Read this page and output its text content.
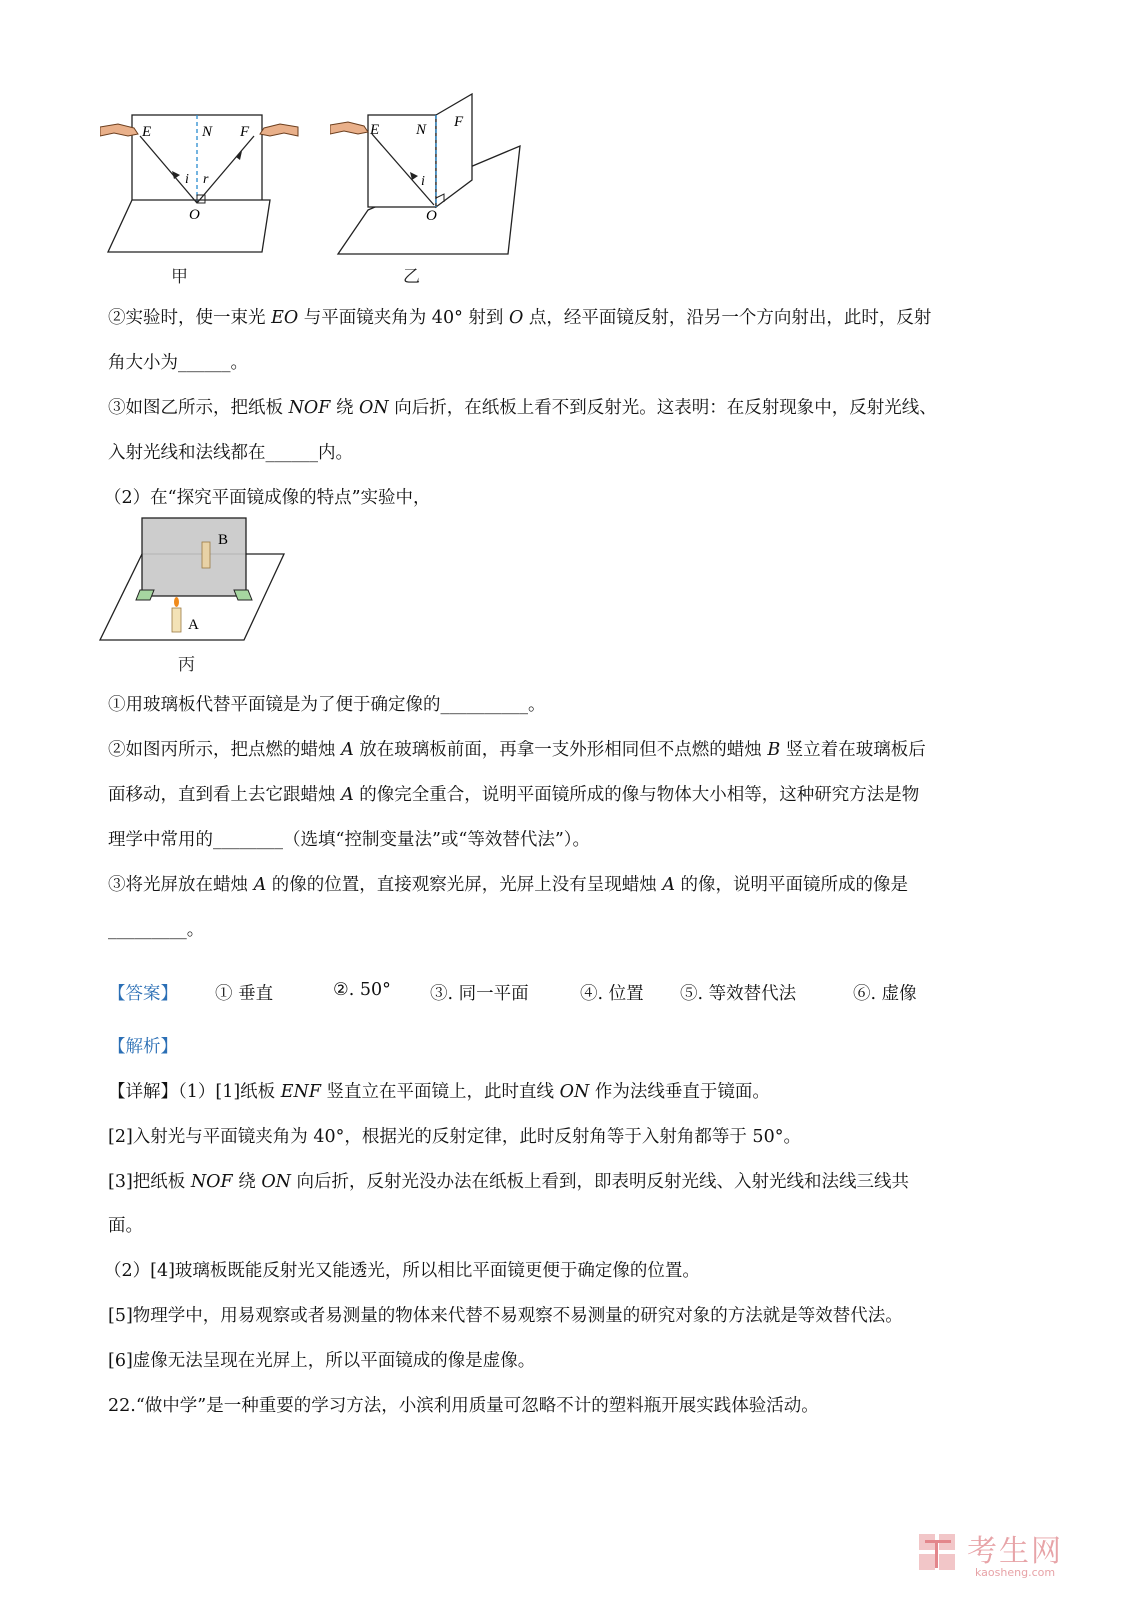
E	N F
i r
O
甲
E N F
i
O
乙
②实验时，使一束光 EO 与平面镜夹角为 40° 射到 O 点，经平面镜反射，沿另一个方向射出，此时，反射
角大小为______。
③如图乙所示，把纸板 NOF 绕 ON 向后折，在纸板上看不到反射光。这表明：在反射现象中，反射光线、
入射光线和法线都在______内。
（2）在“探究平面镜成像的特点”实验中，
B
A
丙
①用玻璃板代替平面镜是为了便于确定像的__________。
②如图丙所示，把点燃的蜡烛 A 放在玻璃板前面，再拿一支外形相同但不点燃的蜡烛 B 竖立着在玻璃板后
面移动，直到看上去它跟蜡烛 A 的像完全重合，说明平面镜所成的像与物体大小相等，这种研究方法是物
理学中常用的________（选填“控制变量法”或“等效替代法”）。
③将光屏放在蜡烛 A 的像的位置，直接观察光屏，光屏上没有呈现蜡烛 A 的像，说明平面镜所成的像是
_________。
【答案】 ① 垂直	②. 50° ③. 同一平面	④. 位置 ⑤. 等效替代法	⑥. 虚像
【解析】
【详解】（1）[1]纸板 ENF 竖直立在平面镜上，此时直线 ON 作为法线垂直于镜面。
[2]入射光与平面镜夹角为 40°，根据光的反射定律，此时反射角等于入射角都等于 50°。
[3]把纸板 NOF 绕 ON 向后折，反射光没办法在纸板上看到，即表明反射光线、入射光线和法线三线共
面。
（2）[4]玻璃板既能反射光又能透光，所以相比平面镜更便于确定像的位置。
[5]物理学中，用易观察或者易测量的物体来代替不易观察不易测量的研究对象的方法就是等效替代法。
[6]虚像无法呈现在光屏上，所以平面镜成的像是虚像。
22.“做中学”是一种重要的学习方法，小滨利用质量可忽略不计的塑料瓶开展实践体验活动。
考生网
kaosheng.com
